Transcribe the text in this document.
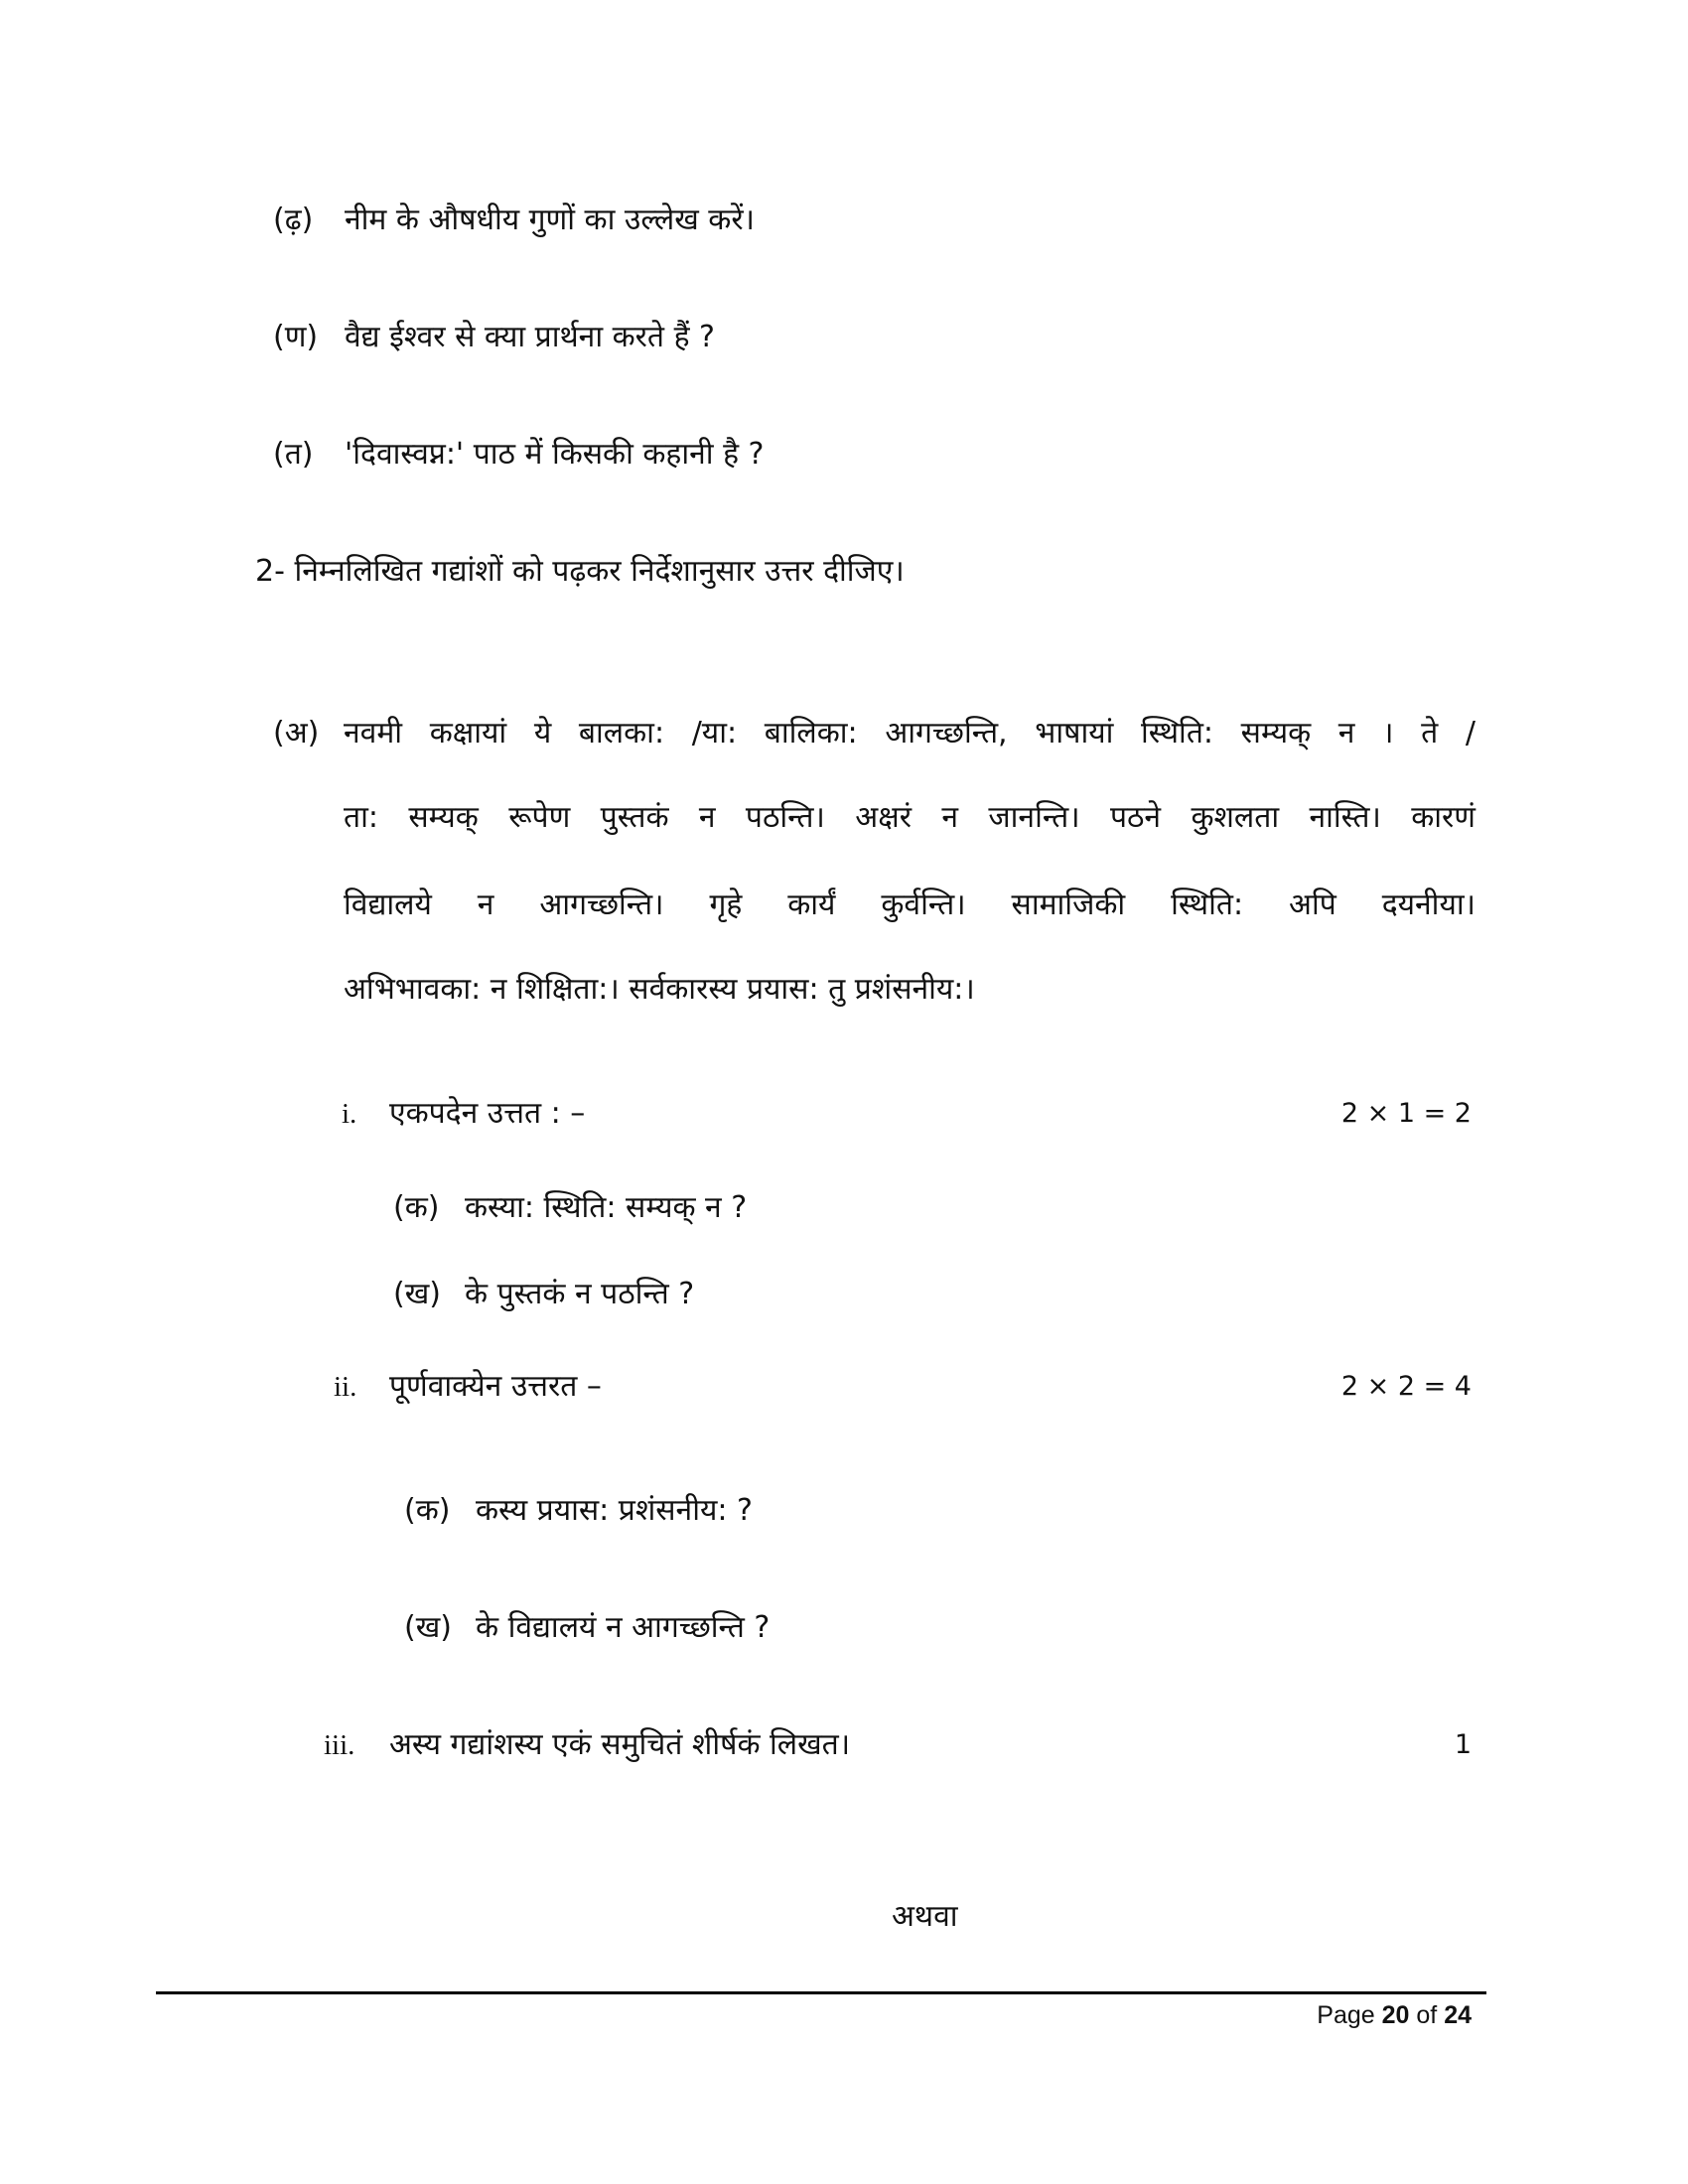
(ढ़) नीम के औषधीय गुणों का उल्लेख करें।
(ण) वैद्य ईश्वर से क्या प्रार्थना करते हैं ?
(त) 'दिवास्वप्न:' पाठ में किसकी कहानी है ?
2- निम्नलिखित गद्यांशों को पढ़कर निर्देशानुसार उत्तर दीजिए।
(अ) नवमी कक्षायां ये बालका: /या: बालिका: आगच्छन्ति, भाषायां स्थिति: सम्यक् न । ते /
ता: सम्यक् रूपेण पुस्तकं न पठन्ति। अक्षरं न जानन्ति। पठने कुशलता नास्ति। कारणं
विद्यालये न आगच्छन्ति। गृहे कार्यं कुर्वन्ति। सामाजिकी स्थिति: अपि दयनीया।
अभिभावका: न शिक्षिता:। सर्वकारस्य प्रयास: तु प्रशंसनीय:।
i. एकपदेन उत्तत : –	2 × 1 = 2
(क) कस्या: स्थिति: सम्यक् न ?
(ख) के पुस्तकं न पठन्ति ?
ii. पूर्णवाक्येन उत्तरत –	2 × 2 = 4
(क) कस्य प्रयास: प्रशंसनीय: ?
(ख) के विद्यालयं न आगच्छन्ति ?
iii. अस्य गद्यांशस्य एकं समुचितं शीर्षकं लिखत।	1
अथवा
Page 20 of 24
